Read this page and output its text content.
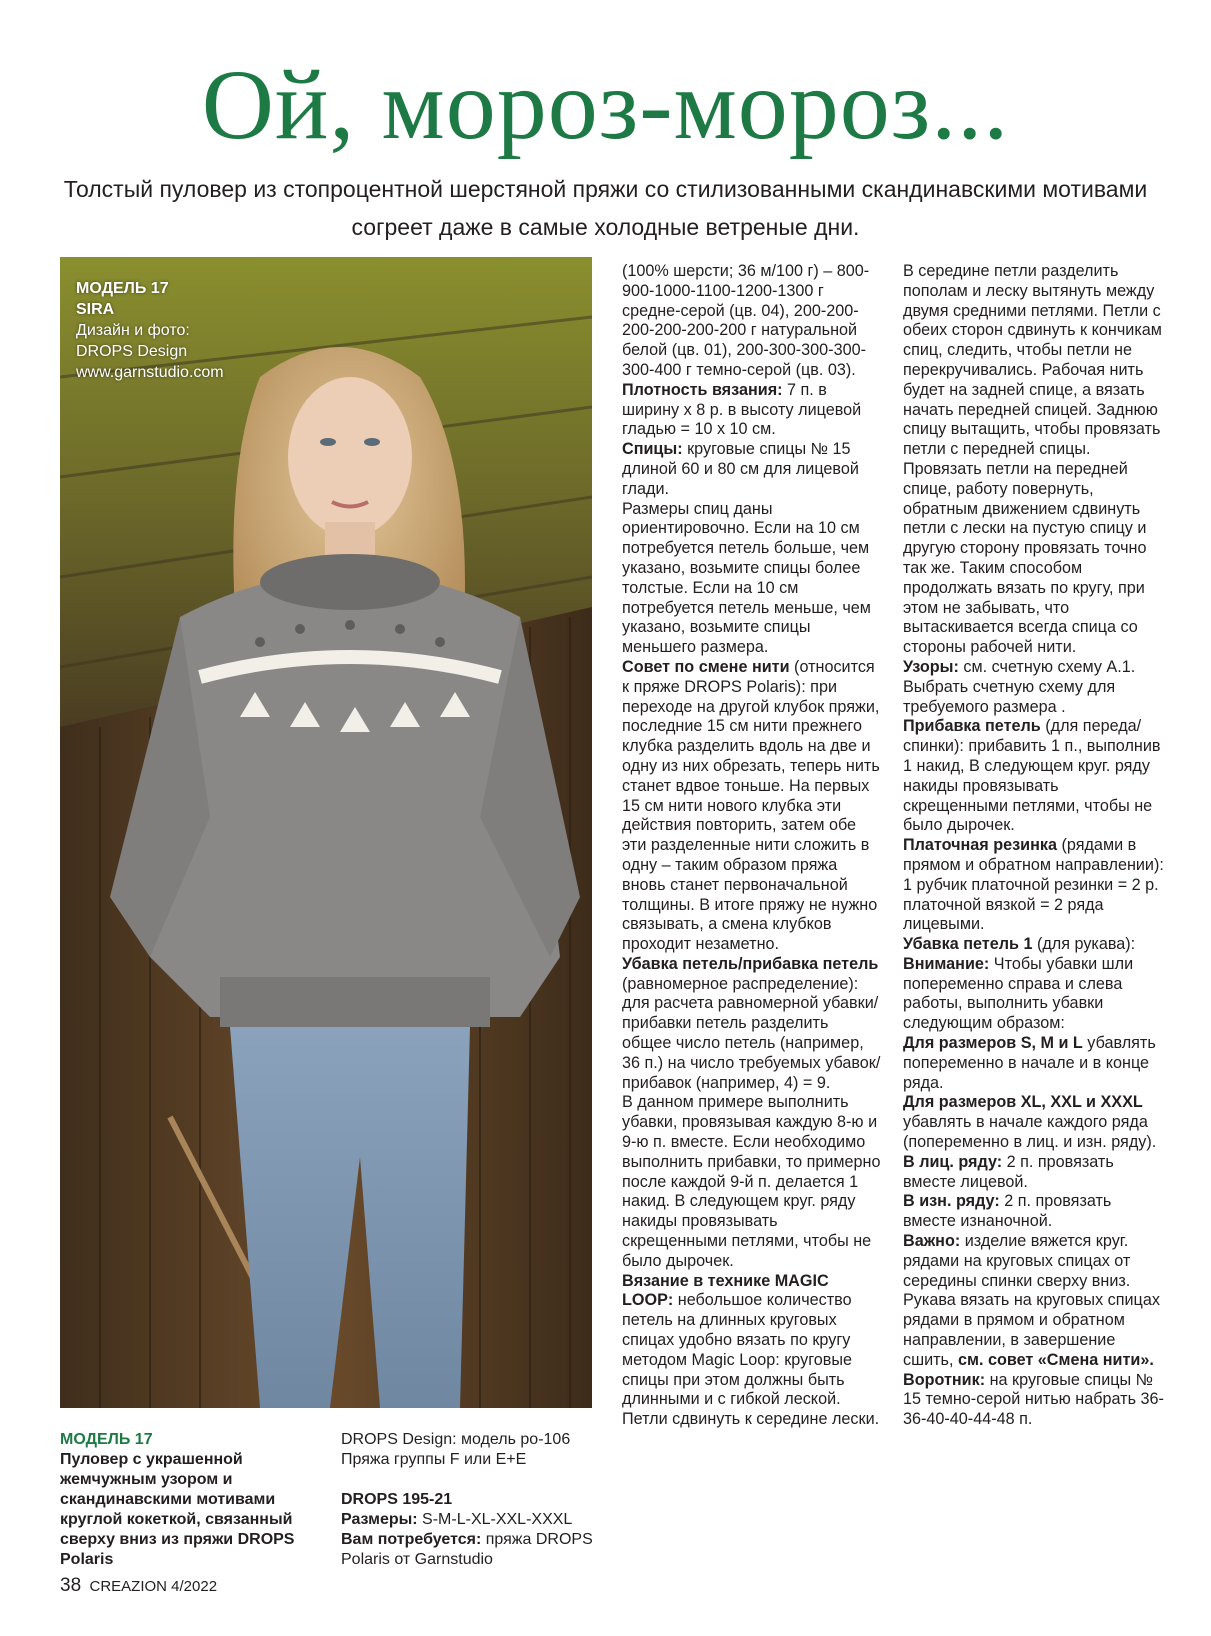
Ой, мороз-мороз...
Толстый пуловер из стопроцентной шерстяной пряжи со стилизованными скандинавскими мотивами согреет даже в самые холодные ветреные дни.
МОДЕЛЬ 17
SIRA
Дизайн и фото:
DROPS Design
www.garnstudio.com

(100% шерсти; 36 м/100 г) – 800-900-1000-1100-1200-1300 г средне-серой (цв. 04), 200-200-200-200-200-200 г натуральной белой (цв. 01), 200-300-300-300-300-400 г темно-серой (цв. 03).

Плотность вязания: 7 п. в ширину х 8 р. в высоту лицевой гладью = 10 х 10 см.

Спицы: круговые спицы № 15 длиной 60 и 80 см для лицевой глади.

Размеры спиц даны ориентировочно. Если на 10 см потребуется петель больше, чем указано, возьмите спицы более толстые. Если на 10 см потребуется петель меньше, чем указано, возьмите спицы меньшего размера.

Совет по смене нити (относится к пряже DROPS Polaris): при переходе на другой клубок пряжи, последние 15 см нити прежнего клубка разделить вдоль на две и одну из них обрезать, теперь нить станет вдвое тоньше. На первых 15 см нити нового клубка эти действия повторить, затем обе эти разделенные нити сложить в одну – таким образом пряжа вновь станет первоначальной толщины. В итоге пряжу не нужно связывать, а смена клубков проходит незаметно.

Убавка петель/прибавка петель (равномерное распределение): для расчета равномерной убавки/прибавки петель разделить общее число петель (например, 36 п.) на число требуемых убавок/прибавок (например, 4) = 9.

В данном примере выполнить убавки, провязывая каждую 8-ю и 9-ю п. вместе. Если необходимо выполнить прибавки, то примерно после каждой 9-й п. делается 1 накид. В следующем круг. ряду накиды провязывать скрещенными петлями, чтобы не было дырочек.

Вязание в технике MAGIC LOOP: небольшое количество петель на длинных круговых спицах удобно вязать по кругу методом Magic Loop: круговые спицы при этом должны быть длинными и с гибкой леской. Петли сдвинуть к середине лески.

В середине петли разделить пополам и леску вытянуть между двумя средними петлями. Петли с обеих сторон сдвинуть к кончикам спиц, следить, чтобы петли не перекручивались. Рабочая нить будет на задней спице, а вязать начать передней спицей. Заднюю спицу вытащить, чтобы провязать петли с передней спицы. Провязать петли на передней спице, работу повернуть, обратным движением сдвинуть петли с лески на пустую спицу и другую сторону провязать точно так же. Таким способом продолжать вязать по кругу, при этом не забывать, что вытаскивается всегда спица со стороны рабочей нити.

Узоры: см. счетную схему А.1. Выбрать счетную схему для требуемого размера .

Прибавка петель (для переда/спинки): прибавить 1 п., выполнив 1 накид, В следующем круг. ряду накиды провязывать скрещенными петлями, чтобы не было дырочек.

Платочная резинка (рядами в прямом и обратном направлении):

1 рубчик платочной резинки = 2 р. платочной вязкой = 2 ряда лицевыми.

Убавка петель 1 (для рукава):

Внимание: Чтобы убавки шли попеременно справа и слева работы, выполнить убавки следующим образом:

Для размеров S, M и L убавлять попеременно в начале и в конце ряда.

Для размеров XL, XXL и XXXL убавлять в начале каждого ряда (попеременно в лиц. и изн. ряду).

В лиц. ряду: 2 п. провязать вместе лицевой.

В изн. ряду: 2 п. провязать вместе изнаночной.

Важно: изделие вяжется круг. рядами на круговых спицах от середины спинки сверху вниз. Рукава вязать на круговых спицах рядами в прямом и обратном направлении, в завершение сшить, см. совет «Смена нити».

Воротник: на круговые спицы № 15 темно-серой нитью набрать 36-36-40-40-44-48 п.

МОДЕЛЬ 17
Пуловер с украшенной жемчужным узором и скандинавскими мотивами круглой кокеткой, связанный сверху вниз из пряжи DROPS Polaris

DROPS Design: модель ро-106

Пряжа группы F или E+E

DROPS 195-21

Размеры: S-M-L-XL-XXL-XXXL

Вам потребуется: пряжа DROPS Polaris от Garnstudio

38 CREAZION 4/2022
